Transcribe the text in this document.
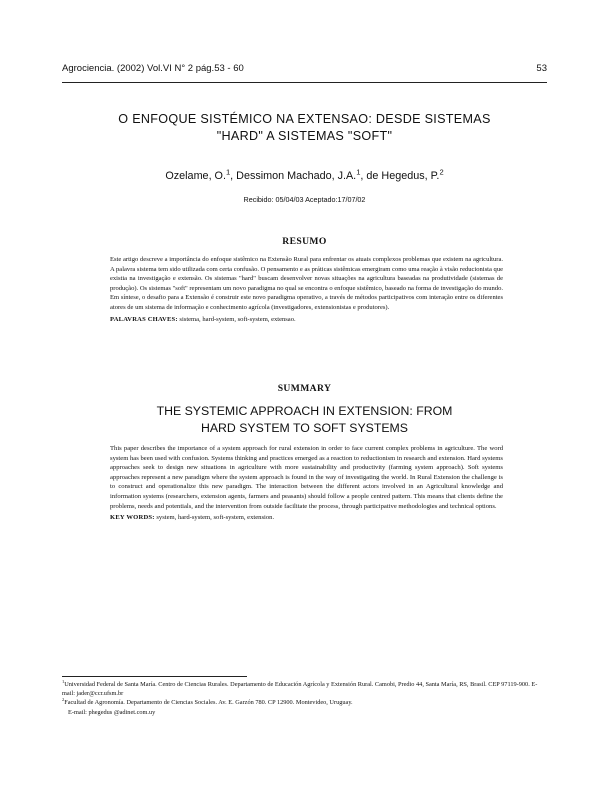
Agrociencia. (2002) Vol.VI N° 2 pág.53 - 60	53
O ENFOQUE SISTÉMICO NA EXTENSAO: DESDE SISTEMAS
"HARD" A SISTEMAS "SOFT"
Ozelame, O.$^1$, Dessimon Machado, J.A.$^1$, de Hegedus, P.$^2$
Recibido: 05/04/03 Aceptado:17/07/02
RESUMO

Este artigo descreve a importância do enfoque sistêmico na Extensão Rural para enfrentar os atuais complexos problemas que existem na agricultura. A palavra sistema tem sido utilizada com certa confusão. O pensamento e as práticas sistêmicas emergiram como uma reação à visão reducionista que existia na investigação e extensão. Os sistemas "hard" buscam desenvolver novas situações na agricultura baseadas na produtividade (sistemas de produção). Os sistemas "soft" representam um novo paradigma no qual se encontra o enfoque sistêmico, baseado na forma de investigação do mundo. Em síntese, o desafio para a Extensão é construir este novo paradigma operativo, a través de métodos participativos com interação entre os diferentes atores de um sistema de informação e conhecimento agrícola (investigadores, extensionistas e produtores).

PALAVRAS CHAVES: sistema, hard-system, soft-system, extensao.

SUMMARY
THE SYSTEMIC APPROACH IN EXTENSION: FROM
HARD SYSTEM TO SOFT SYSTEMS

This paper describes the importance of a system approach for rural extension in order to face current complex problems in agriculture. The word system has been used with confusion. Systems thinking and practices emerged as a reaction to reductionism in research and extension. Hard systems approaches seek to design new situations in agriculture with more sustainability and productivity (farming system approach). Soft systems approaches represent a new paradigm where the system approach is found in the way of investigating the world. In Rural Extension the challenge is to construct and operationalize this new paradigm. The interaction between the different actors involved in an Agricultural knowledge and information systems (researchers, extension agents, farmers and peasants) should follow a people centred pattern. This means that clients define the problems, needs and potentials, and the intervention from outside facilitate the process, through participative methodologies and technical options.

KEY WORDS: system, hard-system, soft-system, extension.

$^1$Universidad Federal de Santa María. Centro de Ciencias Rurales. Departamento de Educación Agrícola y Extensión Rural. Camobi, Predio 44, Santa María, RS, Brasil. CEP 97119-900. E-mail: jader@ccr.ufsm.br

$^2$Facultad de Agronomía. Departamento de Ciencias Sociales. Av. E. Garzón 780. CP 12900. Montevideo, Uruguay.

E-mail: phegedus @adinet.com.uy
